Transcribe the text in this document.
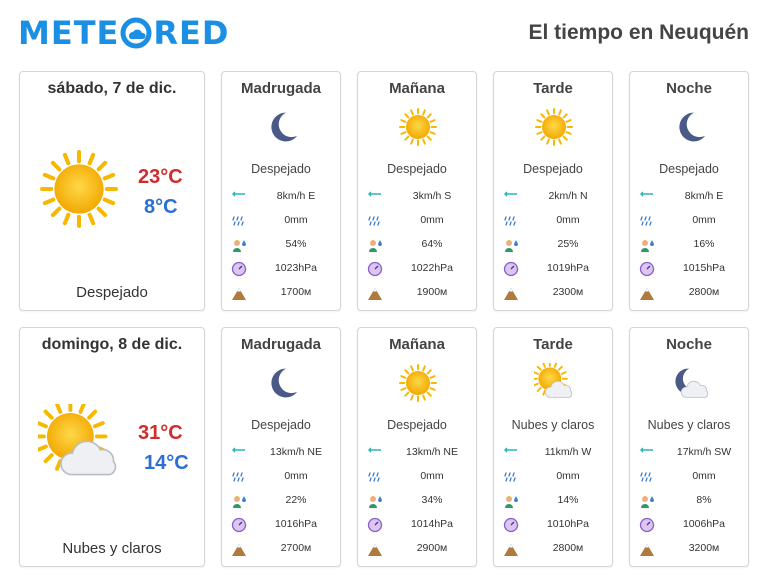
METE RED	El tiempo en Neuquén
sábado, 7 de dic.
23°C
8°C
Despejado
Madrugada
Despejado
8km/h E
0mm
54%
1023hPa
1700м
Mañana
Despejado
3km/h S
0mm
64%
1022hPa
1900м
Tarde
Despejado
2km/h N
0mm
25%
1019hPa
2300м
Noche
Despejado
8km/h E
0mm
16%
1015hPa
2800м
domingo, 8 de dic.
31°C
14°C
Nubes y claros
Madrugada
Despejado
13km/h NE
0mm
22%
1016hPa
2700м
Mañana
Despejado
13km/h NE
0mm
34%
1014hPa
2900м
Tarde
Nubes y claros
11km/h W
0mm
14%
1010hPa
2800м
Noche
Nubes y claros
17km/h SW
0mm
8%
1006hPa
3200м
